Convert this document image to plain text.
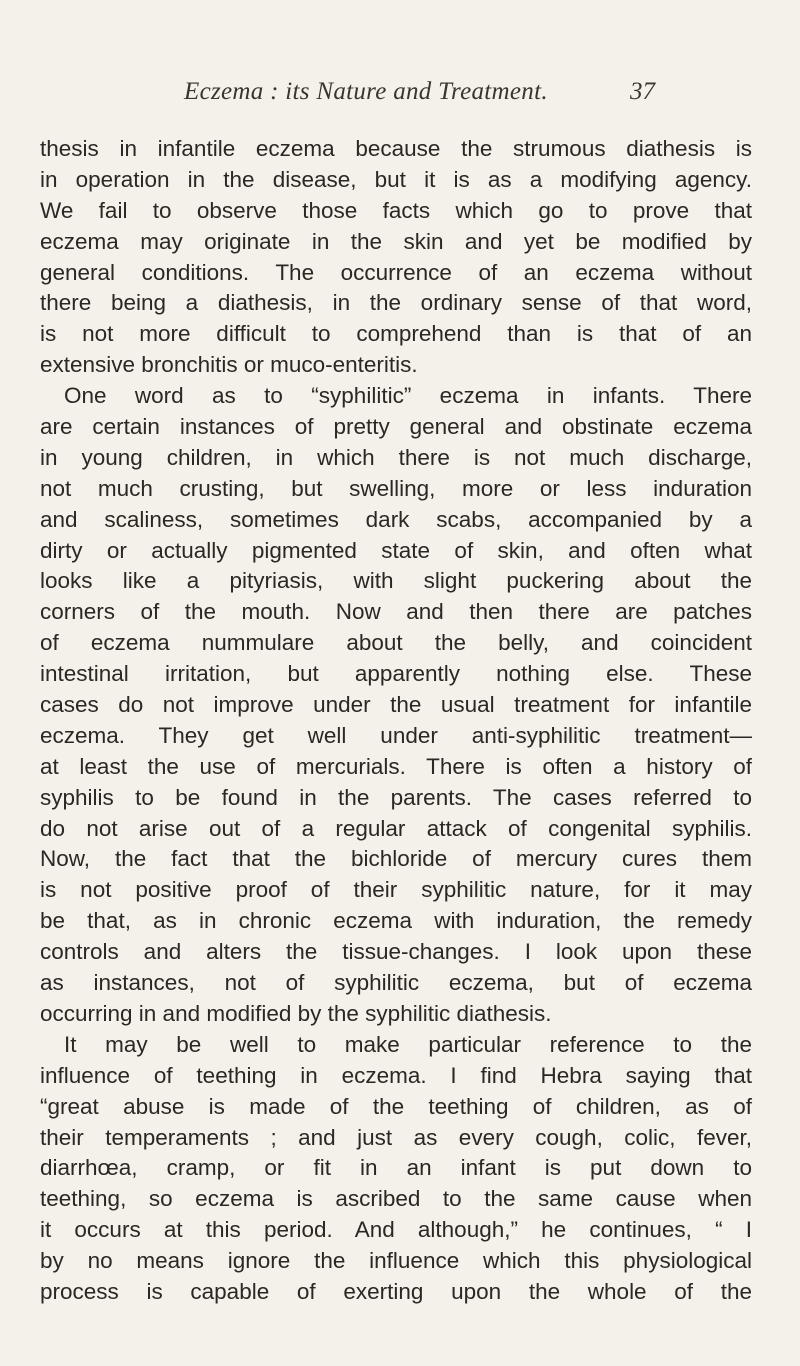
Eczema : its Nature and Treatment.	37
thesis in infantile eczema because the strumous diathesis is
in operation in the disease, but it is as a modifying agency.
We fail to observe those facts which go to prove that
eczema may originate in the skin and yet be modified by
general conditions. The occurrence of an eczema without
there being a diathesis, in the ordinary sense of that word,
is not more difficult to comprehend than is that of an
extensive bronchitis or muco-enteritis.
One word as to “syphilitic” eczema in infants. There
are certain instances of pretty general and obstinate eczema
in young children, in which there is not much discharge,
not much crusting, but swelling, more or less induration
and scaliness, sometimes dark scabs, accompanied by a
dirty or actually pigmented state of skin, and often what
looks like a pityriasis, with slight puckering about the
corners of the mouth. Now and then there are patches
of eczema nummulare about the belly, and coincident
intestinal irritation, but apparently nothing else. These
cases do not improve under the usual treatment for infantile
eczema. They get well under anti-syphilitic treatment—
at least the use of mercurials. There is often a history of
syphilis to be found in the parents. The cases referred to
do not arise out of a regular attack of congenital syphilis.
Now, the fact that the bichloride of mercury cures them
is not positive proof of their syphilitic nature, for it may
be that, as in chronic eczema with induration, the remedy
controls and alters the tissue-changes. I look upon these
as instances, not of syphilitic eczema, but of eczema
occurring in and modified by the syphilitic diathesis.
It may be well to make particular reference to the
influence of teething in eczema. I find Hebra saying that
“great abuse is made of the teething of children, as of
their temperaments ; and just as every cough, colic, fever,
diarrhœa, cramp, or fit in an infant is put down to
teething, so eczema is ascribed to the same cause when
it occurs at this period. And although,” he continues, “ I
by no means ignore the influence which this physiological
process is capable of exerting upon the whole of the
